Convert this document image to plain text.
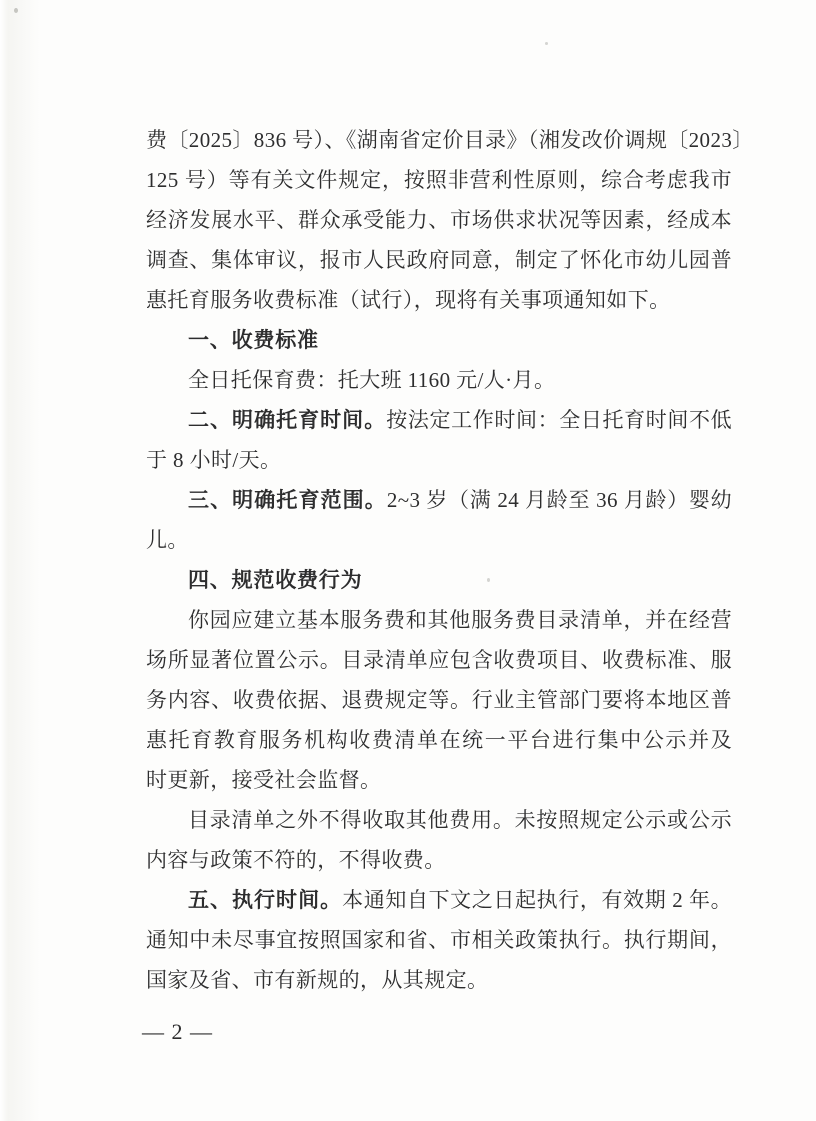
费〔2025〕836 号）、《湖南省定价目录》（湘发改价调规〔2023〕
125 号）等有关文件规定，按照非营利性原则，综合考虑我市
经济发展水平、群众承受能力、市场供求状况等因素，经成本
调查、集体审议，报市人民政府同意，制定了怀化市幼儿园普
惠托育服务收费标准（试行），现将有关事项通知如下。
一、收费标准
全日托保育费：托大班 1160 元/人·月。
二、明确托育时间。按法定工作时间：全日托育时间不低
于 8 小时/天。
三、明确托育范围。2~3 岁（满 24 月龄至 36 月龄）婴幼
儿。
四、规范收费行为
你园应建立基本服务费和其他服务费目录清单，并在经营
场所显著位置公示。目录清单应包含收费项目、收费标准、服
务内容、收费依据、退费规定等。行业主管部门要将本地区普
惠托育教育服务机构收费清单在统一平台进行集中公示并及
时更新，接受社会监督。
目录清单之外不得收取其他费用。未按照规定公示或公示
内容与政策不符的，不得收费。
五、执行时间。本通知自下文之日起执行，有效期 2 年。
通知中未尽事宜按照国家和省、市相关政策执行。执行期间，
国家及省、市有新规的，从其规定。
— 2 —
